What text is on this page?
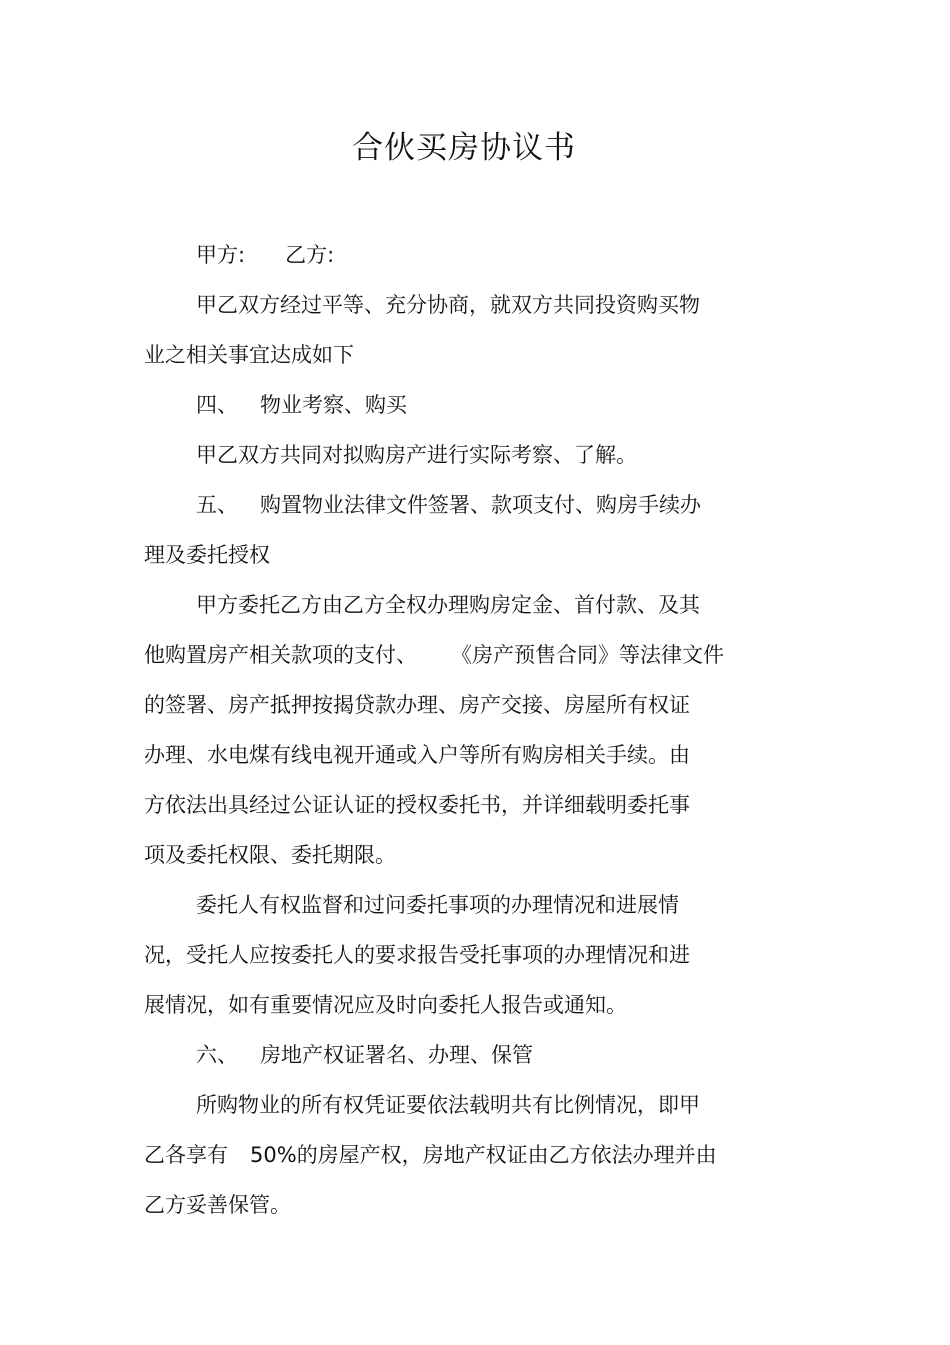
合伙买房协议书
甲方: 乙方:
甲乙双方经过平等、充分协商，就双方共同投资购买物
业之相关事宜达成如下
四、 物业考察、购买
甲乙双方共同对拟购房产进行实际考察、了解。
五、 购置物业法律文件签署、款项支付、购房手续办
理及委托授权
甲方委托乙方由乙方全权办理购房定金、首付款、及其
他购置房产相关款项的支付、 《房产预售合同》等法律文件
的签署、房产抵押按揭贷款办理、房产交接、房屋所有权证
办理、水电煤有线电视开通或入户等所有购房相关手续。由
方依法出具经过公证认证的授权委托书，并详细载明委托事
项及委托权限、委托期限。
委托人有权监督和过问委托事项的办理情况和进展情
况，受托人应按委托人的要求报告受托事项的办理情况和进
展情况，如有重要情况应及时向委托人报告或通知。
六、 房地产权证署名、办理、保管
所购物业的所有权凭证要依法载明共有比例情况，即甲
乙各享有 50%的房屋产权，房地产权证由乙方依法办理并由
乙方妥善保管。
